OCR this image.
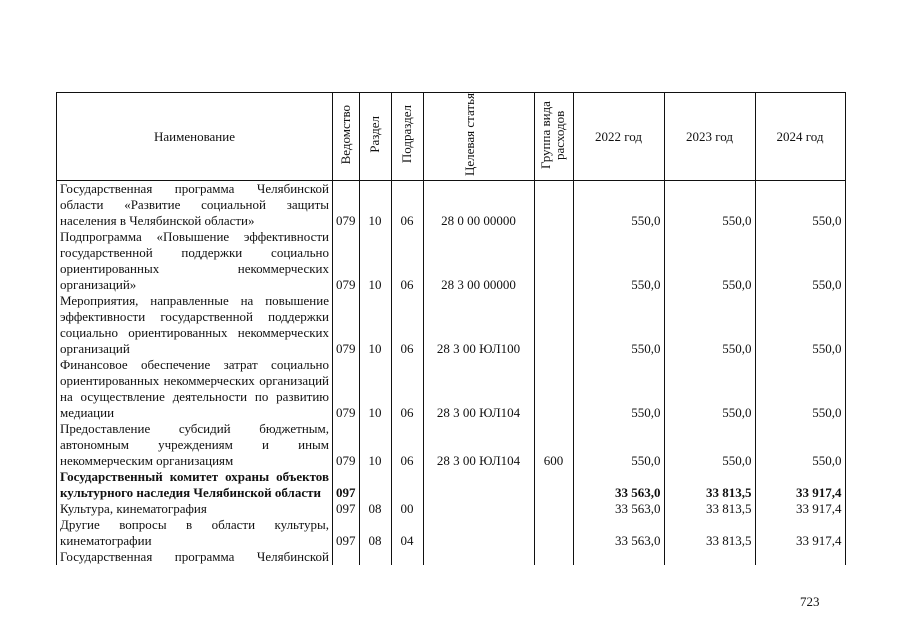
Наименование	Ведомство	Раздел	Подраздел	Целевая статья	Группа вида расходов	2022 год	2023 год	2024 год
Государственная программа Челябинской области «Развитие социальной защиты населения в Челябинской области»	079	10	06	28 0 00 00000		550,0	550,0	550,0
Подпрограмма «Повышение эффективности государственной поддержки социально ориентированных некоммерческих организаций»	079	10	06	28 3 00 00000		550,0	550,0	550,0
Мероприятия, направленные на повышение эффективности государственной поддержки социально ориентированных некоммерческих организаций	079	10	06	28 3 00 ЮЛ100		550,0	550,0	550,0
Финансовое обеспечение затрат социально ориентированных некоммерческих организаций на осуществление деятельности по развитию медиации	079	10	06	28 3 00 ЮЛ104		550,0	550,0	550,0
Предоставление субсидий бюджетным, автономным учреждениям и иным некоммерческим организациям	079	10	06	28 3 00 ЮЛ104	600	550,0	550,0	550,0
Государственный комитет охраны объектов культурного наследия Челябинской области	097					33 563,0	33 813,5	33 917,4
Культура, кинематография	097	08	00			33 563,0	33 813,5	33 917,4
Другие вопросы в области культуры, кинематографии	097	08	04			33 563,0	33 813,5	33 917,4
Государственная программа Челябинской								
723
